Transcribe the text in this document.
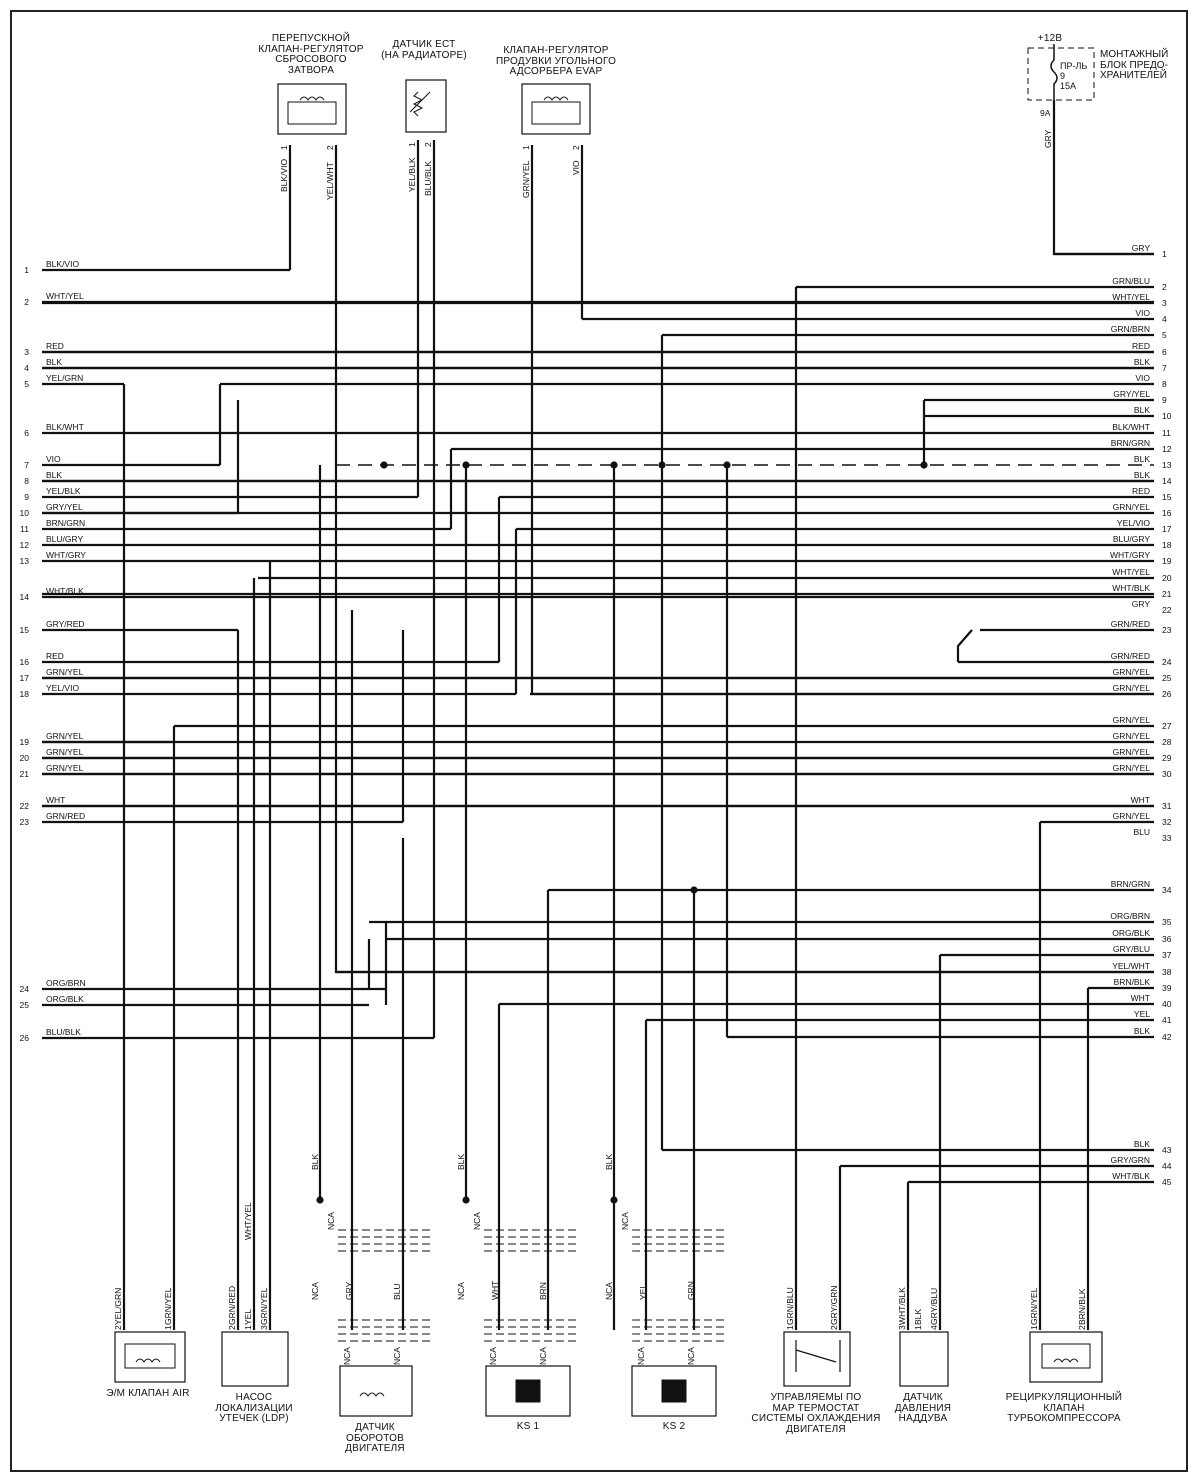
1
BLK/VIO
2
WHT/YEL
3
RED
4
BLK
5
YEL/GRN
6
BLK/WHT
7
VIO
8
BLK
9
YEL/BLK
10
GRY/YEL
11
BRN/GRN
12
BLU/GRY
13
WHT/GRY
14
WHT/BLK
15
GRY/RED
16
RED
17
GRN/YEL
18
YEL/VIO
19
GRN/YEL
20
GRN/YEL
21
GRN/YEL
22
WHT
23
GRN/RED
24
ORG/BRN
25
ORG/BLK
26
BLU/BLK
1
GRY
2
GRN/BLU
3
WHT/YEL
4
VIO
5
GRN/BRN
6
RED
7
BLK
8
VIO
9
GRY/YEL
10
BLK
11
BLK/WHT
12
BRN/GRN
13
BLK
14
BLK
15
RED
16
GRN/YEL
17
YEL/VIO
18
BLU/GRY
19
WHT/GRY
20
WHT/YEL
21
WHT/BLK
22
GRY
23
GRN/RED
24
GRN/RED
25
GRN/YEL
26
GRN/YEL
27
GRN/YEL
28
GRN/YEL
29
GRN/YEL
30
GRN/YEL
31
WHT
32
GRN/YEL
33
BLU
34
BRN/GRN
35
ORG/BRN
36
ORG/BLK
37
GRY/BLU
38
YEL/WHT
39
BRN/BLK
40
WHT
41
YEL
42
BLK
43
BLK
44
GRY/GRN
45
WHT/BLK
BLK/VIO	YEL/WHT	YEL/BLK BLU/BLK	GRN/YEL	VIO
GRY
1	2
1 2
1	2
YEL/GRN	GRN/YEL	GRN/RED YEL GRN/YEL
WHT/YEL
BLK
NCA
NCA	GRY	BLU
NCA	NCA
BLK
NCA
NCA	WHT	BRN
NCA	NCA
BLK
NCA
NCA	YEL	GRN
NCA	NCA
GRN/BLU	GRY/GRN	WHT/BLK BLK GRY/BLU	GRN/YEL	BRN/BLK
2	1	2 1 3	3 1 4
1	2	1	2
ПЕРЕПУСКНОЙ
КЛАПАН-РЕГУЛЯТОР
СБРОСОВОГО
ЗАТВОРА
ДАТЧИК ЕСТ
(НА РАДИАТОРЕ)	КЛАПАН-РЕГУЛЯТОР
ПРОДУВКИ УГОЛЬНОГО
АДСОРБЕРА EVAP
+12В
МОНТАЖНЫЙ
БЛОК ПРЕДО-
ХРАНИТЕЛЕЙ
ПР-ЛЬ
9
15А
9А
Э/М КЛАПАН AIR	НАСОС
ЛОКАЛИЗАЦИИ
УТЕЧЕК (LDP)
ДАТЧИК
ОБОРОТОВ
ДВИГАТЕЛЯ
KS 1	KS 2
УПРАВЛЯЕМЫ ПО
MAP ТЕРМОСТАТ
СИСТЕМЫ ОХЛАЖДЕНИЯ
ДВИГАТЕЛЯ
ДАТЧИК
ДАВЛЕНИЯ
НАДДУВА
РЕЦИРКУЛЯЦИОННЫЙ
КЛАПАН
ТУРБОКОМПРЕССОРА
